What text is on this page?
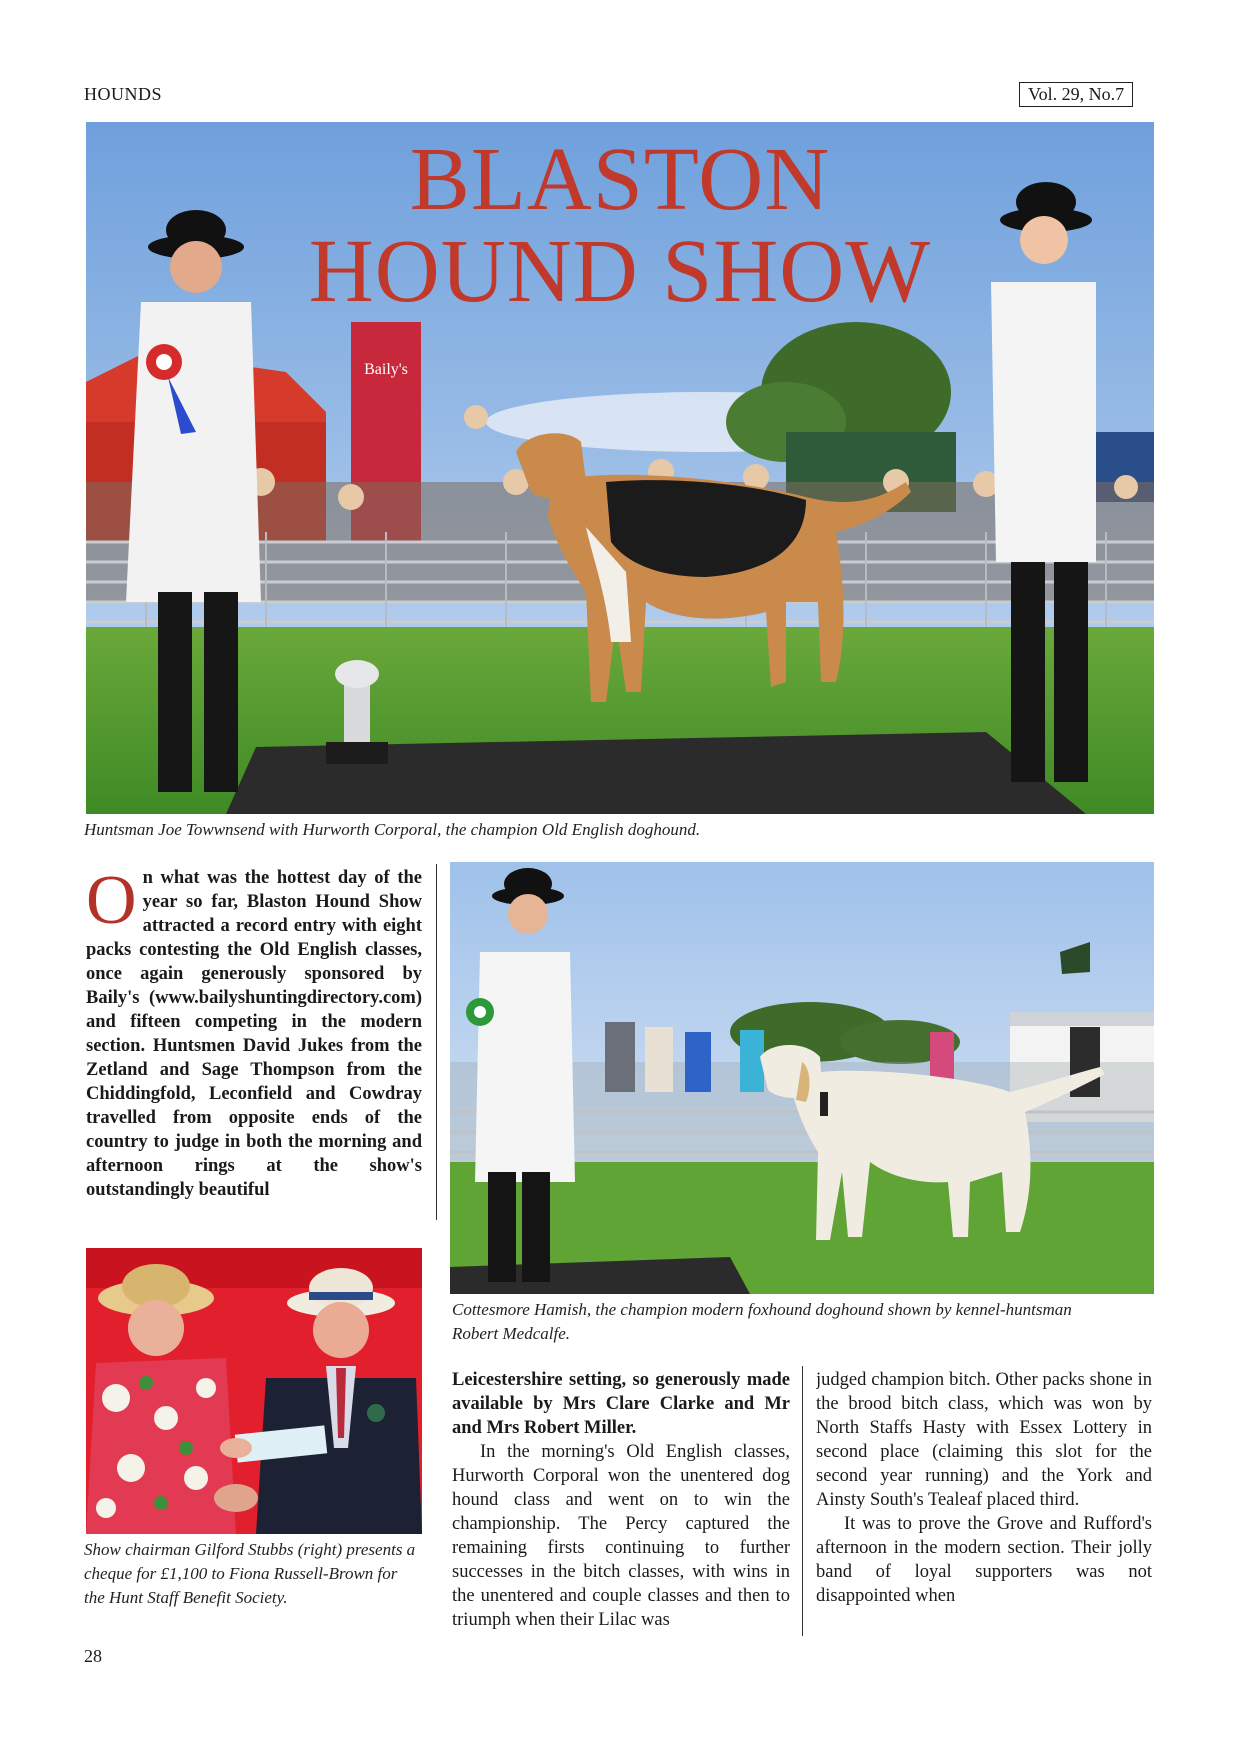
HOUNDS	Vol. 29, No.7
Baily's
BLASTON
HOUND SHOW
Huntsman Joe Towwnsend with Hurworth Corporal, the champion Old English doghound.
On what was the hottest day of the year so far, Blaston Hound Show attracted a record entry with eight packs contesting the Old English classes, once again generously sponsored by Baily's (www.bailyshuntingdirectory.com) and fifteen competing in the modern section. Huntsmen David Jukes from the Zetland and Sage Thompson from the Chiddingfold, Leconfield and Cowdray travelled from opposite ends of the country to judge in both the morning and afternoon rings at the show's outstandingly beautiful
Cottesmore Hamish, the champion modern foxhound doghound shown by kennel-huntsman Robert Medcalfe.
Show chairman Gilford Stubbs (right) presents a cheque for £1,100 to Fiona Russell-Brown for the Hunt Staff Benefit Society.
Leicestershire setting, so generously made available by Mrs Clare Clarke and Mr and Mrs Robert Miller.
In the morning's Old English classes, Hurworth Corporal won the unentered dog hound class and went on to win the championship. The Percy captured the remaining firsts continuing to further successes in the bitch classes, with wins in the unentered and couple classes and then to triumph when their Lilac was
judged champion bitch. Other packs shone in the brood bitch class, which was won by North Staffs Hasty with Essex Lottery in second place (claiming this slot for the second year running) and the York and Ainsty South's Tealeaf placed third.
It was to prove the Grove and Rufford's afternoon in the modern section. Their jolly band of loyal supporters was not disappointed when
28
